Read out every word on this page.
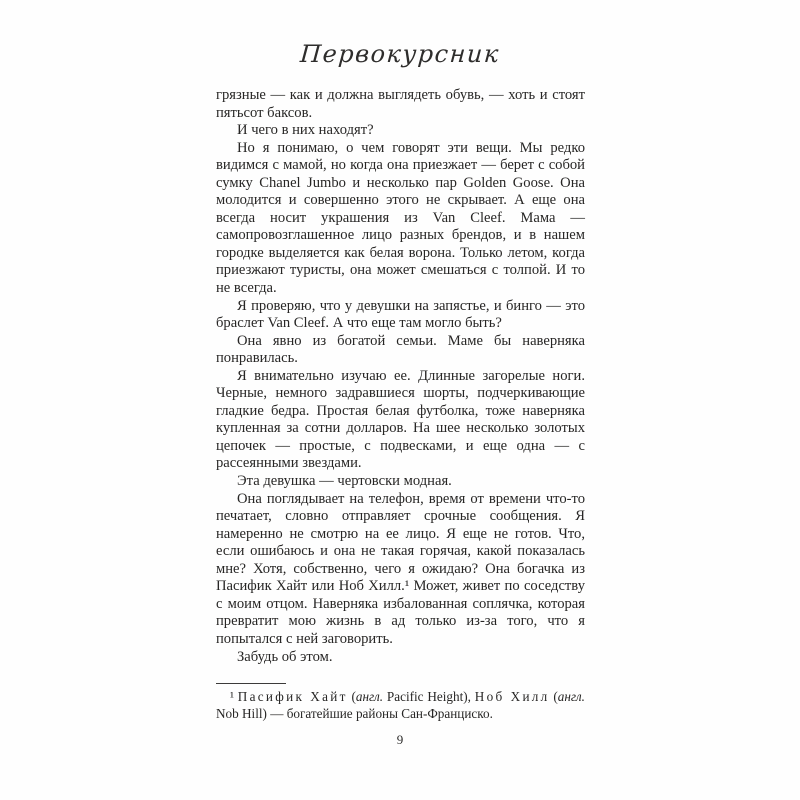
Первокурсник

грязные — как и должна выглядеть обувь, — хоть и стоят пятьсот баксов.

И чего в них находят?

Но я понимаю, о чем говорят эти вещи. Мы редко видимся с мамой, но когда она приезжает — берет с собой сумку Chanel Jumbo и несколько пар Golden Goose. Она молодится и совершенно этого не скрывает. А еще она всегда носит украшения из Van Cleef. Мама — самопровозглашенное лицо разных брендов, и в нашем городке выделяется как белая ворона. Только летом, когда приезжают туристы, она может смешаться с толпой. И то не всегда.

Я проверяю, что у девушки на запястье, и бинго — это браслет Van Cleef. А что еще там могло быть?

Она явно из богатой семьи. Маме бы наверняка понравилась.

Я внимательно изучаю ее. Длинные загорелые ноги. Черные, немного задравшиеся шорты, подчеркивающие гладкие бедра. Простая белая футболка, тоже наверняка купленная за сотни долларов. На шее несколько золотых цепочек — простые, с подвесками, и еще одна — с рассеянными звездами.

Эта девушка — чертовски модная.

Она поглядывает на телефон, время от времени что-то печатает, словно отправляет срочные сообщения. Я намеренно не смотрю на ее лицо. Я еще не готов. Что, если ошибаюсь и она не такая горячая, какой показалась мне? Хотя, собственно, чего я ожидаю? Она богачка из Пасифик Хайт или Ноб Хилл.¹ Может, живет по соседству с моим отцом. Наверняка избалованная соплячка, которая превратит мою жизнь в ад только из-за того, что я попытался с ней заговорить.

Забудь об этом.

¹ Пасифик Хайт (англ. Pacific Height), Ноб Хилл (англ. Nob Hill) — богатейшие районы Сан-Франциско.

9
